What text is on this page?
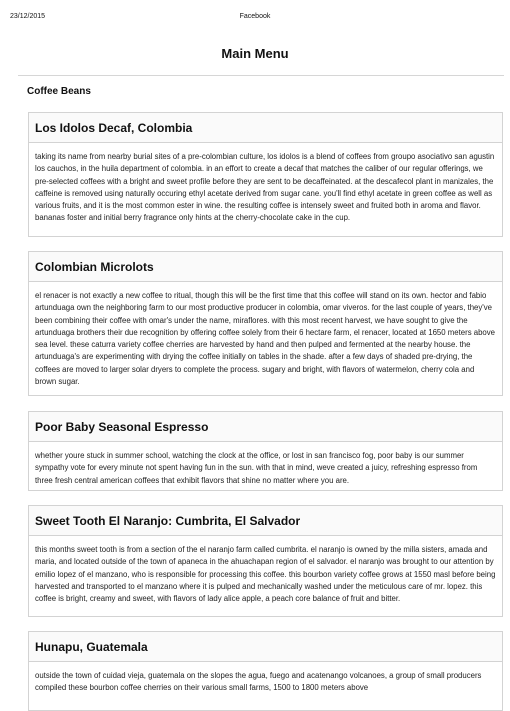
23/12/2015	Facebook
Main Menu
Coffee Beans
Los Idolos Decaf, Colombia
taking its name from nearby burial sites of a pre-colombian culture, los idolos is a blend of coffees from groupo asociativo san agustin los cauchos, in the huila department of colombia. in an effort to create a decaf that matches the caliber of our regular offerings, we pre-selected coffees with a bright and sweet profile before they are sent to be decaffeinated. at the descafecol plant in manizales, the caffeine is removed using naturally occuring ethyl acetate derived from sugar cane. you'll find ethyl acetate in green coffee as well as various fruits, and it is the most common ester in wine. the resulting coffee is intensely sweet and fruited both in aroma and flavor. bananas foster and initial berry fragrance only hints at the cherry-chocolate cake in the cup.
Colombian Microlots
el renacer is not exactly a new coffee to ritual, though this will be the first time that this coffee will stand on its own. hector and fabio artunduaga own the neighboring farm to our most productive producer in colombia, omar viveros. for the last couple of years, they've been combining their coffee with omar's under the name, miraflores. with this most recent harvest, we have sought to give the artunduaga brothers their due recognition by offering coffee solely from their 6 hectare farm, el renacer, located at 1650 meters above sea level. these caturra variety coffee cherries are harvested by hand and then pulped and fermented at the nearby house. the artunduaga's are experimenting with drying the coffee initially on tables in the shade. after a few days of shaded pre-drying, the coffees are moved to larger solar dryers to complete the process. sugary and bright, with flavors of watermelon, cherry cola and brown sugar.
Poor Baby Seasonal Espresso
whether youre stuck in summer school, watching the clock at the office, or lost in san francisco fog, poor baby is our summer sympathy vote for every minute not spent having fun in the sun. with that in mind, weve created a juicy, refreshing espresso from three fresh central american coffees that exhibit flavors that shine no matter where you are.
Sweet Tooth El Naranjo: Cumbrita, El Salvador
this months sweet tooth is from a section of the el naranjo farm called cumbrita. el naranjo is owned by the milla sisters, amada and maria, and located outside of the town of apaneca in the ahuachapan region of el salvador. el naranjo was brought to our attention by emilio lopez of el manzano, who is responsible for processing this coffee. this bourbon variety coffee grows at 1550 masl before being harvested and transported to el manzano where it is pulped and mechanically washed under the meticulous care of mr. lopez. this coffee is bright, creamy and sweet, with flavors of lady alice apple, a peach core balance of fruit and bitter.
Hunapu, Guatemala
outside the town of cuidad vieja, guatemala on the slopes the agua, fuego and acatenango volcanoes, a group of small producers compiled these bourbon coffee cherries on their various small farms, 1500 to 1800 meters above
